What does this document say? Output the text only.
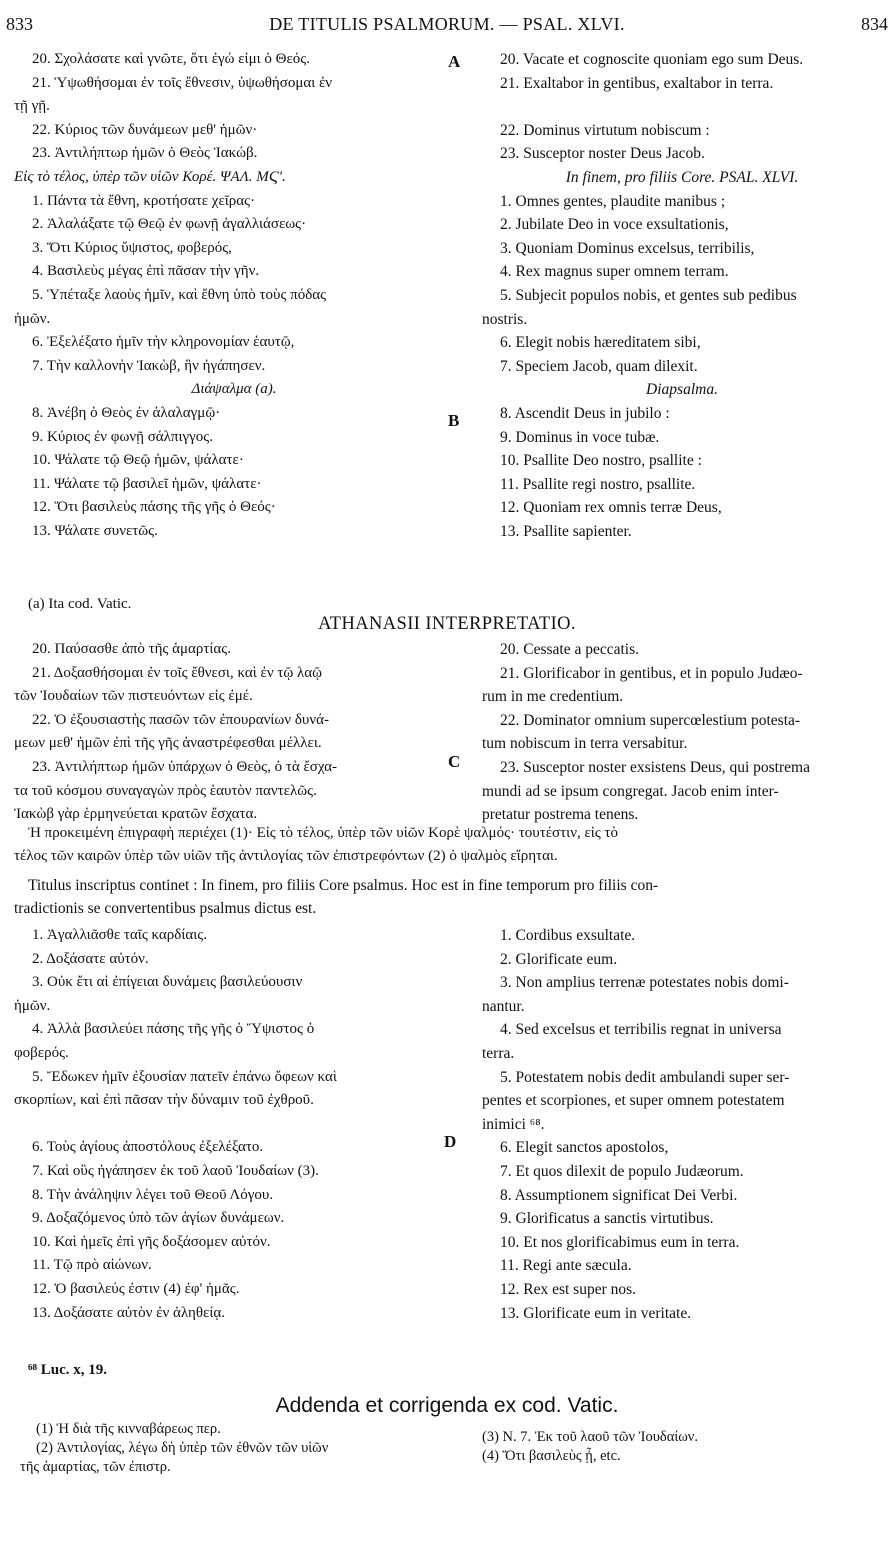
833	DE TITULIS PSALMORUM. — PSAL. XLVI.	834
20. Σχολάσατε καὶ γνῶτε, ὅτι ἐγώ εἰμι ὁ Θεός.
21. Ὑψωθήσομαι ἐν τοῖς ἔθνεσιν, ὑψωθήσομαι ἐν
τῇ γῇ.
22. Κύριος τῶν δυνάμεων μεθ' ἡμῶν·
23. Ἀντιλήπτωρ ἡμῶν ὁ Θεὸς Ἰακώβ.
Εἰς τὸ τέλος, ὑπὲρ τῶν υἱῶν Κορέ. ΨΑΛ. ΜϚ'.
1. Πάντα τὰ ἔθνη, κροτήσατε χεῖρας·
2. Ἀλαλάξατε τῷ Θεῷ ἐν φωνῇ ἀγαλλιάσεως·
3. Ὅτι Κύριος ὕψιστος, φοβερός,
4. Βασιλεὺς μέγας ἐπὶ πᾶσαν τὴν γῆν.
5. Ὑπέταξε λαοὺς ἡμῖν, καὶ ἔθνη ὑπὸ τοὺς πόδας
ἡμῶν.
6. Ἐξελέξατο ἡμῖν τὴν κληρονομίαν ἑαυτῷ,
7. Τὴν καλλονὴν Ἰακὼβ, ἣν ἠγάπησεν.
Διάψαλμα (a).
8. Ἀνέβη ὁ Θεὸς ἐν ἀλαλαγμῷ·
9. Κύριος ἐν φωνῇ σάλπιγγος.
10. Ψάλατε τῷ Θεῷ ἡμῶν, ψάλατε·
11. Ψάλατε τῷ βασιλεῖ ἡμῶν, ψάλατε·
12. Ὅτι βασιλεὺς πάσης τῆς γῆς ὁ Θεός·
13. Ψάλατε συνετῶς.
20. Vacate et cognoscite quoniam ego sum Deus.
21. Exaltabor in gentibus, exaltabor in terra.
22. Dominus virtutum nobiscum :
23. Susceptor noster Deus Jacob.
In finem, pro filiis Core. PSAL. XLVI.
1. Omnes gentes, plaudite manibus ;
2. Jubilate Deo in voce exsultationis,
3. Quoniam Dominus excelsus, terribilis,
4. Rex magnus super omnem terram.
5. Subjecit populos nobis, et gentes sub pedibus
nostris.
6. Elegit nobis hæreditatem sibi,
7. Speciem Jacob, quam dilexit.
Diapsalma.
8. Ascendit Deus in jubilo :
9. Dominus in voce tubæ.
10. Psallite Deo nostro, psallite :
11. Psallite regi nostro, psallite.
12. Quoniam rex omnis terræ Deus,
13. Psallite sapienter.
A
B
(a) Ita cod. Vatic.
ATHANASII INTERPRETATIO.
20. Παύσασθε ἀπὸ τῆς ἁμαρτίας.
21. Δοξασθήσομαι ἐν τοῖς ἔθνεσι, καὶ ἐν τῷ λαῷ
τῶν Ἰουδαίων τῶν πιστευόντων εἰς ἐμέ.
22. Ὁ ἐξουσιαστὴς πασῶν τῶν ἐπουρανίων δυνά-
μεων μεθ' ἡμῶν ἐπὶ τῆς γῆς ἀναστρέφεσθαι μέλλει.
23. Ἀντιλήπτωρ ἡμῶν ὑπάρχων ὁ Θεὸς, ὁ τὰ ἔσχα-
τα τοῦ κόσμου συναγαγὼν πρὸς ἑαυτὸν παντελῶς.
Ἰακὼβ γὰρ ἑρμηνεύεται κρατῶν ἔσχατα.
20. Cessate a peccatis.
21. Glorificabor in gentibus, et in populo Judæo-
rum in me credentium.
22. Dominator omnium supercœlestium potesta-
tum nobiscum in terra versabitur.
23. Susceptor noster exsistens Deus, qui postrema
mundi ad se ipsum congregat. Jacob enim inter-
pretatur postrema tenens.
C
Ἡ προκειμένη ἐπιγραφὴ περιέχει (1)· Εἰς τὸ τέλος, ὑπὲρ τῶν υἱῶν Κορὲ ψαλμός· τουτέστιν, εἰς τὸ
τέλος τῶν καιρῶν ὑπὲρ τῶν υἱῶν τῆς ἀντιλογίας τῶν ἐπιστρεφόντων (2) ὁ ψαλμὸς εἴρηται.
Titulus inscriptus continet : In finem, pro filiis Core psalmus. Hoc est in fine temporum pro filiis con-
tradictionis se convertentibus psalmus dictus est.
1. Ἀγαλλιᾶσθε ταῖς καρδίαις.
2. Δοξάσατε αὐτόν.
3. Οὐκ ἔτι αἱ ἐπίγειαι δυνάμεις βασιλεύουσιν
ἡμῶν.
4. Ἀλλὰ βασιλεύει πάσης τῆς γῆς ὁ Ὕψιστος ὁ
φοβερός.
5. Ἔδωκεν ἡμῖν ἐξουσίαν πατεῖν ἐπάνω ὄφεων καὶ
σκορπίων, καὶ ἐπὶ πᾶσαν τὴν δύναμιν τοῦ ἐχθροῦ.
6. Τοὺς ἁγίους ἀποστόλους ἐξελέξατο.
7. Καὶ οὓς ἠγάπησεν ἐκ τοῦ λαοῦ Ἰουδαίων (3).
8. Τὴν ἀνάληψιν λέγει τοῦ Θεοῦ Λόγου.
9. Δοξαζόμενος ὑπὸ τῶν ἁγίων δυνάμεων.
10. Καὶ ἡμεῖς ἐπὶ γῆς δοξάσομεν αὐτόν.
11. Τῷ πρὸ αἰώνων.
12. Ὁ βασιλεύς ἐστιν (4) ἐφ' ἡμᾶς.
13. Δοξάσατε αὐτὸν ἐν ἀληθείᾳ.
1. Cordibus exsultate.
2. Glorificate eum.
3. Non amplius terrenæ potestates nobis domi-
nantur.
4. Sed excelsus et terribilis regnat in universa
terra.
5. Potestatem nobis dedit ambulandi super ser-
pentes et scorpiones, et super omnem potestatem
inimici ⁶⁸.
6. Elegit sanctos apostolos,
7. Et quos dilexit de populo Judæorum.
8. Assumptionem significat Dei Verbi.
9. Glorificatus a sanctis virtutibus.
10. Et nos glorificabimus eum in terra.
11. Regi ante sæcula.
12. Rex est super nos.
13. Glorificate eum in veritate.
D
⁶⁸ Luc. x, 19.
Addenda et corrigenda ex cod. Vatic.
(1) Ἡ διὰ τῆς κινναβάρεως περ.
(2) Ἀντιλογίας, λέγω δὴ ὑπὲρ τῶν ἐθνῶν τῶν υἱῶν
τῆς ἁμαρτίας, τῶν ἐπιστρ.
(3) N. 7. Ἐκ τοῦ λαοῦ τῶν Ἰουδαίων.
(4) Ὅτι βασιλεὺς ᾖ, etc.
